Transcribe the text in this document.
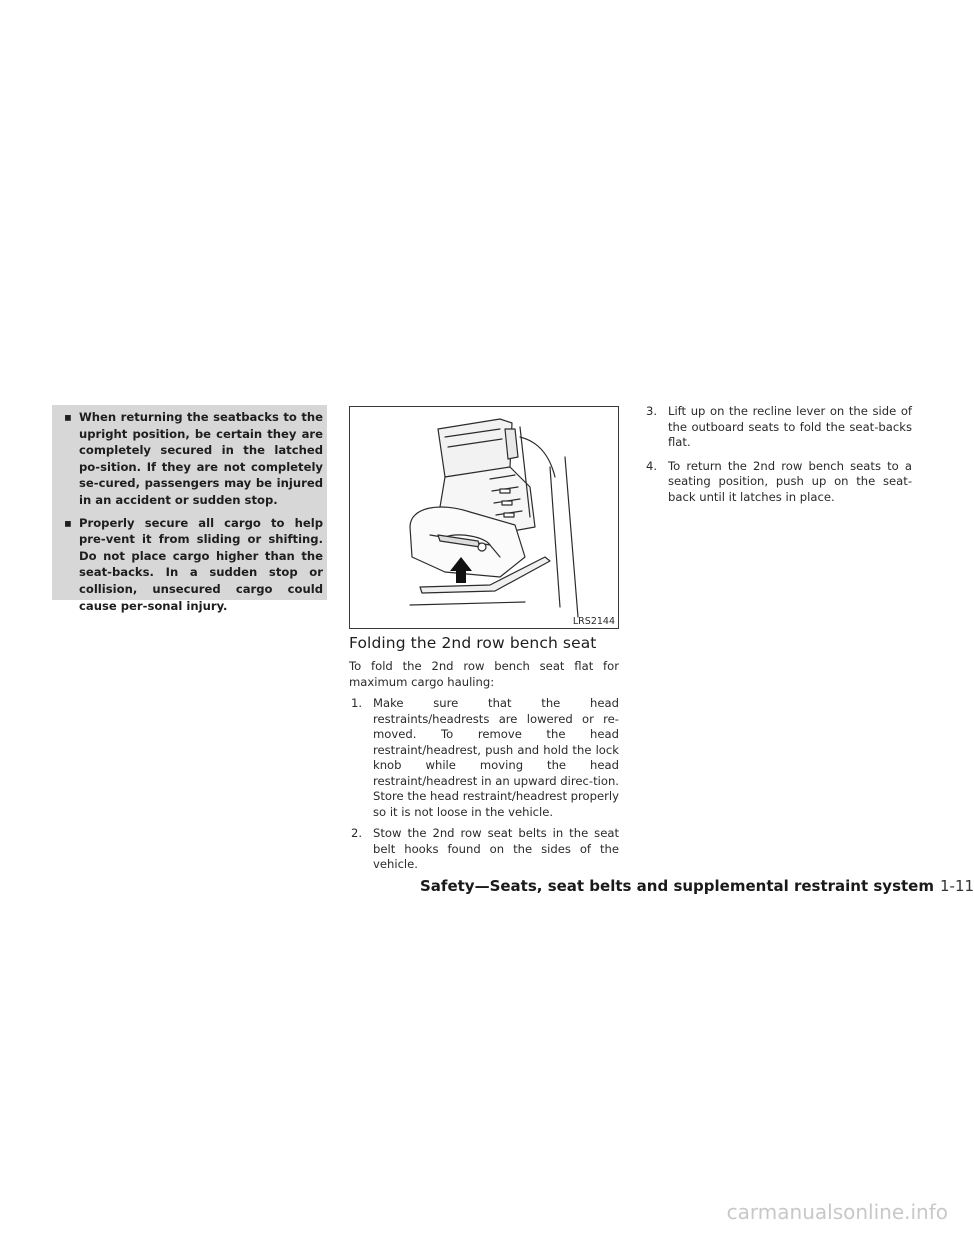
▪ When returning the seatbacks to the upright position, be certain they are completely secured in the latched po-sition. If they are not completely se-cured, passengers may be injured in an accident or sudden stop.
▪ Properly secure all cargo to help pre-vent it from sliding or shifting. Do not place cargo higher than the seat-backs. In a sudden stop or collision, unsecured cargo could cause per-sonal injury.
LRS2144
Folding the 2nd row bench seat

To fold the 2nd row bench seat flat for maximum cargo hauling:

1. Make sure that the head restraints/headrests are lowered or re-moved. To remove the head restraint/headrest, push and hold the lock knob while moving the head restraint/headrest in an upward direc-tion. Store the head restraint/headrest properly so it is not loose in the vehicle.
2. Stow the 2nd row seat belts in the seat belt hooks found on the sides of the vehicle.
3. Lift up on the recline lever on the side of the outboard seats to fold the seat-backs flat.
4. To return the 2nd row bench seats to a seating position, push up on the seat-back until it latches in place.
Safety—Seats, seat belts and supplemental restraint system 1-11
carmanualsonline.info
